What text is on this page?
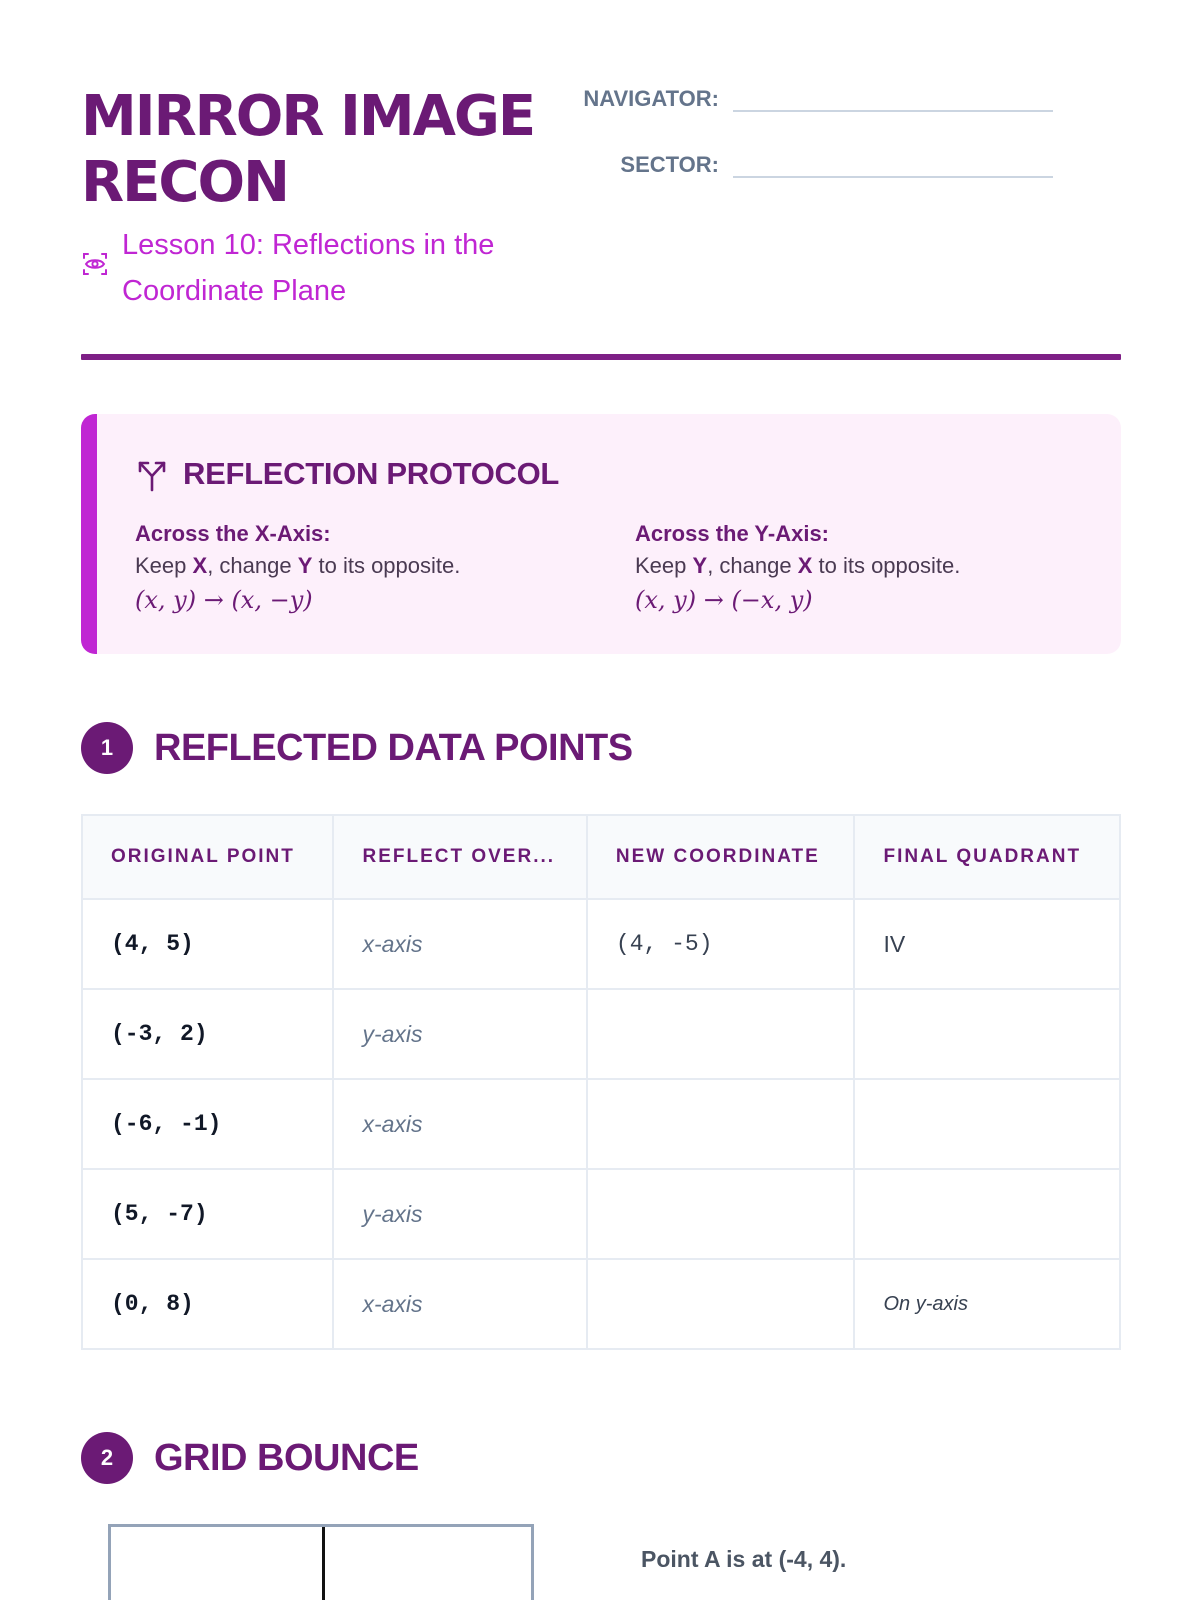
MIRROR IMAGE
RECON
Lesson 10: Reflections in the Coordinate Plane
NAVIGATOR:
SECTOR:
REFLECTION PROTOCOL
Across the X-Axis:
Keep X, change Y to its opposite.
(x, y) → (x, −y)
Across the Y-Axis:
Keep Y, change X to its opposite.
(x, y) → (−x, y)
1	REFLECTED DATA POINTS
ORIGINAL POINT	REFLECT OVER...	NEW COORDINATE	FINAL QUADRANT
(4, 5)	x-axis	(4, -5)	IV
(-3, 2)	y-axis		
(-6, -1)	x-axis		
(5, -7)	y-axis		
(0, 8)	x-axis		On y-axis
2	GRID BOUNCE
Point A is at (-4, 4).
